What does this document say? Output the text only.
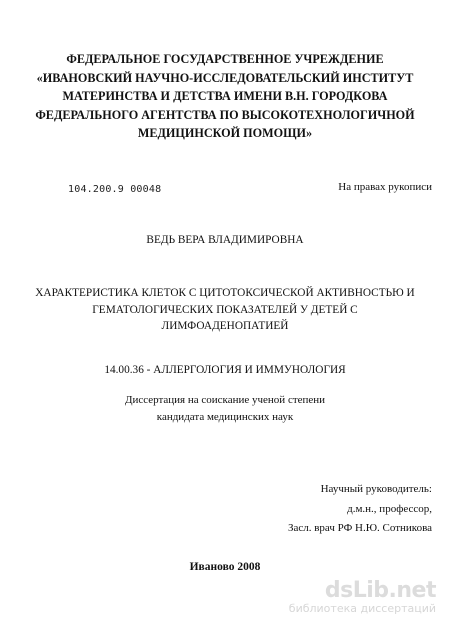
ФЕДЕРАЛЬНОЕ ГОСУДАРСТВЕННОЕ УЧРЕЖДЕНИЕ
«ИВАНОВСКИЙ НАУЧНО-ИССЛЕДОВАТЕЛЬСКИЙ ИНСТИТУТ
МАТЕРИНСТВА И ДЕТСТВА ИМЕНИ В.Н. ГОРОДКОВА
ФЕДЕРАЛЬНОГО АГЕНТСТВА ПО ВЫСОКОТЕХНОЛОГИЧНОЙ
МЕДИЦИНСКОЙ ПОМОЩИ»
104.200.9 00048	На правах рукописи
ВЕДЬ ВЕРА ВЛАДИМИРОВНА
ХАРАКТЕРИСТИКА КЛЕТОК С ЦИТОТОКСИЧЕСКОЙ АКТИВНОСТЬЮ И
ГЕМАТОЛОГИЧЕСКИХ ПОКАЗАТЕЛЕЙ У ДЕТЕЙ С
ЛИМФОАДЕНОПАТИЕЙ
14.00.36 - АЛЛЕРГОЛОГИЯ И ИММУНОЛОГИЯ
Диссертация на соискание ученой степени
кандидата медицинских наук
Научный руководитель:
д.м.н., профессор,
Засл. врач РФ Н.Ю. Сотникова
Иваново 2008
dsLib.net
библиотека диссертаций
